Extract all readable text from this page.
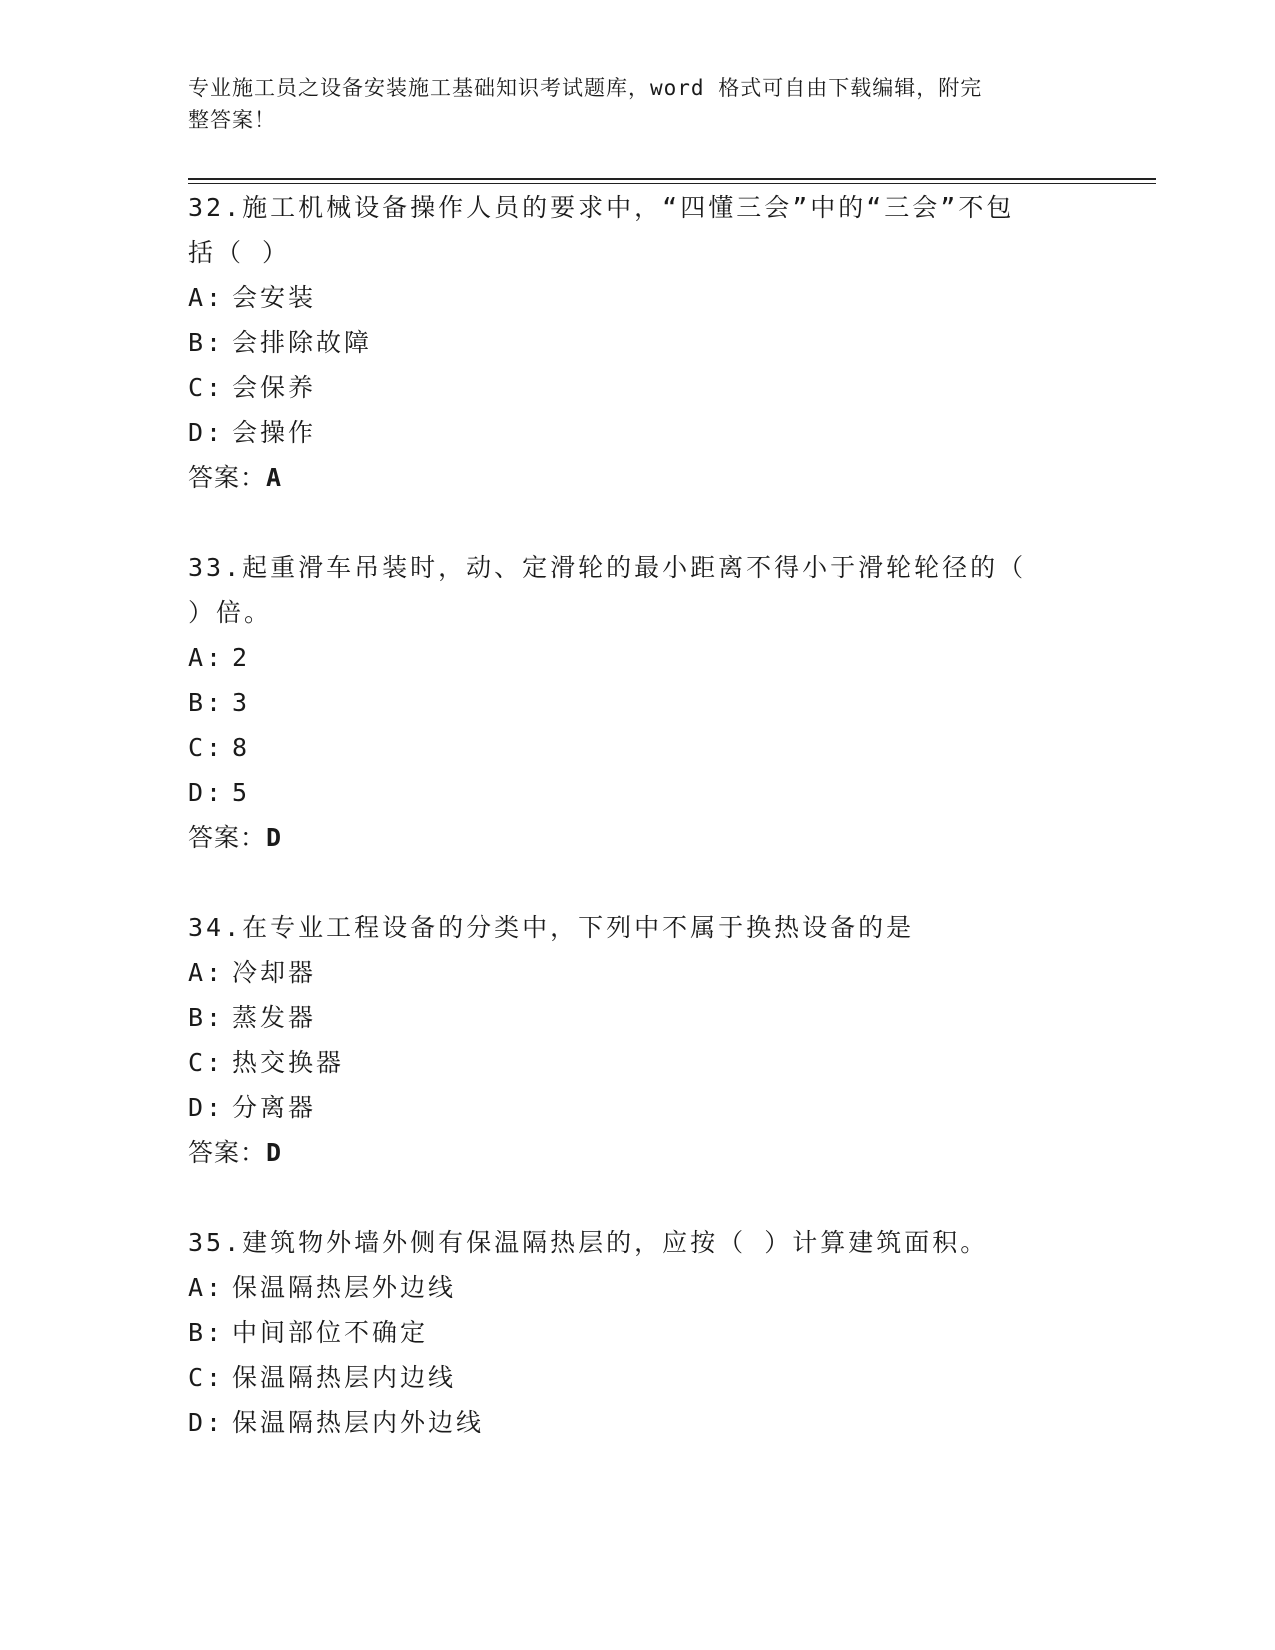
专业施工员之设备安装施工基础知识考试题库，word 格式可自由下载编辑，附完
整答案！

32.施工机械设备操作人员的要求中，“四懂三会”中的“三会”不包

括（ ）

A: 会安装

B: 会排除故障

C: 会保养

D: 会操作

答案：A

33.起重滑车吊装时，动、定滑轮的最小距离不得小于滑轮轮径的（

）倍。

A: 2

B: 3

C: 8

D: 5

答案：D

34.在专业工程设备的分类中，下列中不属于换热设备的是

A: 冷却器

B: 蒸发器

C: 热交换器

D: 分离器

答案：D

35.建筑物外墙外侧有保温隔热层的，应按（ ）计算建筑面积。

A: 保温隔热层外边线

B: 中间部位不确定

C: 保温隔热层内边线

D: 保温隔热层内外边线
